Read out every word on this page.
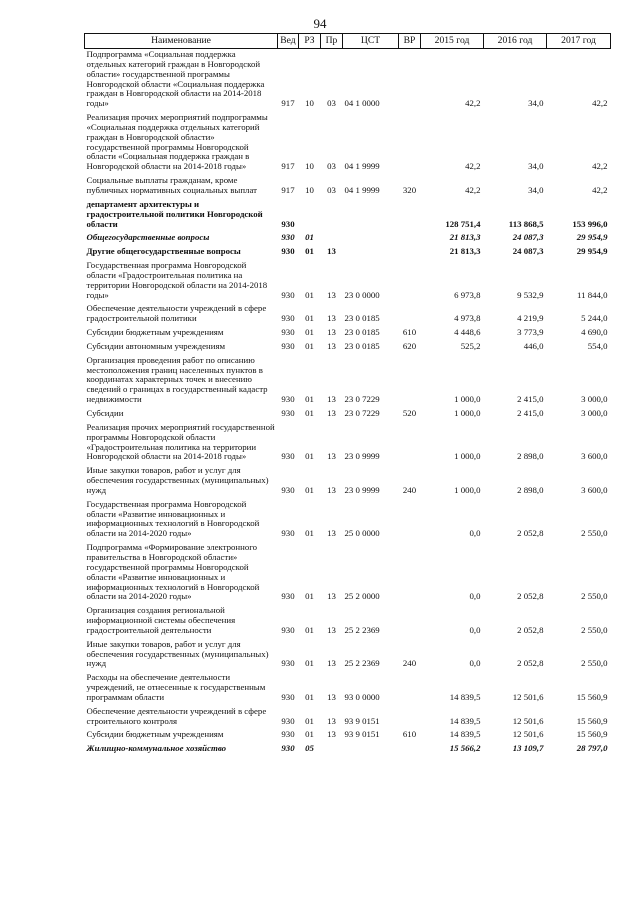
94
Наименование	Вед	РЗ	Пр	ЦСТ	ВР	2015 год	2016 год	2017 год
Подпрограмма «Социальная поддержка отдельных категорий граждан в Новгородской области» государственной программы Новгородской области «Социальная поддержка граждан в Новгородской области на 2014-2018 годы»	917	10	03	04 1 0000		42,2	34,0	42,2
Реализация прочих мероприятий подпрограммы «Социальная поддержка отдельных категорий граждан в Новгородской области» государственной программы Новгородской области «Социальная поддержка граждан в Новгородской области на 2014-2018 годы»	917	10	03	04 1 9999		42,2	34,0	42,2
Социальные выплаты гражданам, кроме публичных нормативных социальных выплат	917	10	03	04 1 9999	320	42,2	34,0	42,2
департамент архитектуры и градостроительной политики Новгородской области	930					128 751,4	113 868,5	153 996,0
Общегосударственные вопросы	930	01				21 813,3	24 087,3	29 954,9
Другие общегосударственные вопросы	930	01	13			21 813,3	24 087,3	29 954,9
Государственная программа Новгородской области «Градостроительная политика на территории Новгородской области на 2014-2018 годы»	930	01	13	23 0 0000		6 973,8	9 532,9	11 844,0
Обеспечение деятельности учреждений в сфере градостроительной политики	930	01	13	23 0 0185		4 973,8	4 219,9	5 244,0
Субсидии бюджетным учреждениям	930	01	13	23 0 0185	610	4 448,6	3 773,9	4 690,0
Субсидии автономным учреждениям	930	01	13	23 0 0185	620	525,2	446,0	554,0
Организация проведения работ по описанию местоположения границ населенных пунктов в координатах характерных точек и внесению сведений о границах в государственный кадастр недвижимости	930	01	13	23 0 7229		1 000,0	2 415,0	3 000,0
Субсидии	930	01	13	23 0 7229	520	1 000,0	2 415,0	3 000,0
Реализация прочих мероприятий государственной программы Новгородской области «Градостроительная политика на территории Новгородской области на 2014-2018 годы»	930	01	13	23 0 9999		1 000,0	2 898,0	3 600,0
Иные закупки товаров, работ и услуг для обеспечения государственных (муниципальных) нужд	930	01	13	23 0 9999	240	1 000,0	2 898,0	3 600,0
Государственная программа Новгородской области «Развитие инновационных и информационных технологий в Новгородской области на 2014-2020 годы»	930	01	13	25 0 0000		0,0	2 052,8	2 550,0
Подпрограмма «Формирование электронного правительства в Новгородской области» государственной программы Новгородской области «Развитие инновационных и информационных технологий в Новгородской области на 2014-2020 годы»	930	01	13	25 2 0000		0,0	2 052,8	2 550,0
Организация создания региональной информационной системы обеспечения градостроительной деятельности	930	01	13	25 2 2369		0,0	2 052,8	2 550,0
Иные закупки товаров, работ и услуг для обеспечения государственных (муниципальных) нужд	930	01	13	25 2 2369	240	0,0	2 052,8	2 550,0
Расходы на обеспечение деятельности учреждений, не отнесенные к государственным программам области	930	01	13	93 0 0000		14 839,5	12 501,6	15 560,9
Обеспечение деятельности учреждений в сфере строительного контроля	930	01	13	93 9 0151		14 839,5	12 501,6	15 560,9
Субсидии бюджетным учреждениям	930	01	13	93 9 0151	610	14 839,5	12 501,6	15 560,9
Жилищно-коммунальное хозяйство	930	05				15 566,2	13 109,7	28 797,0
